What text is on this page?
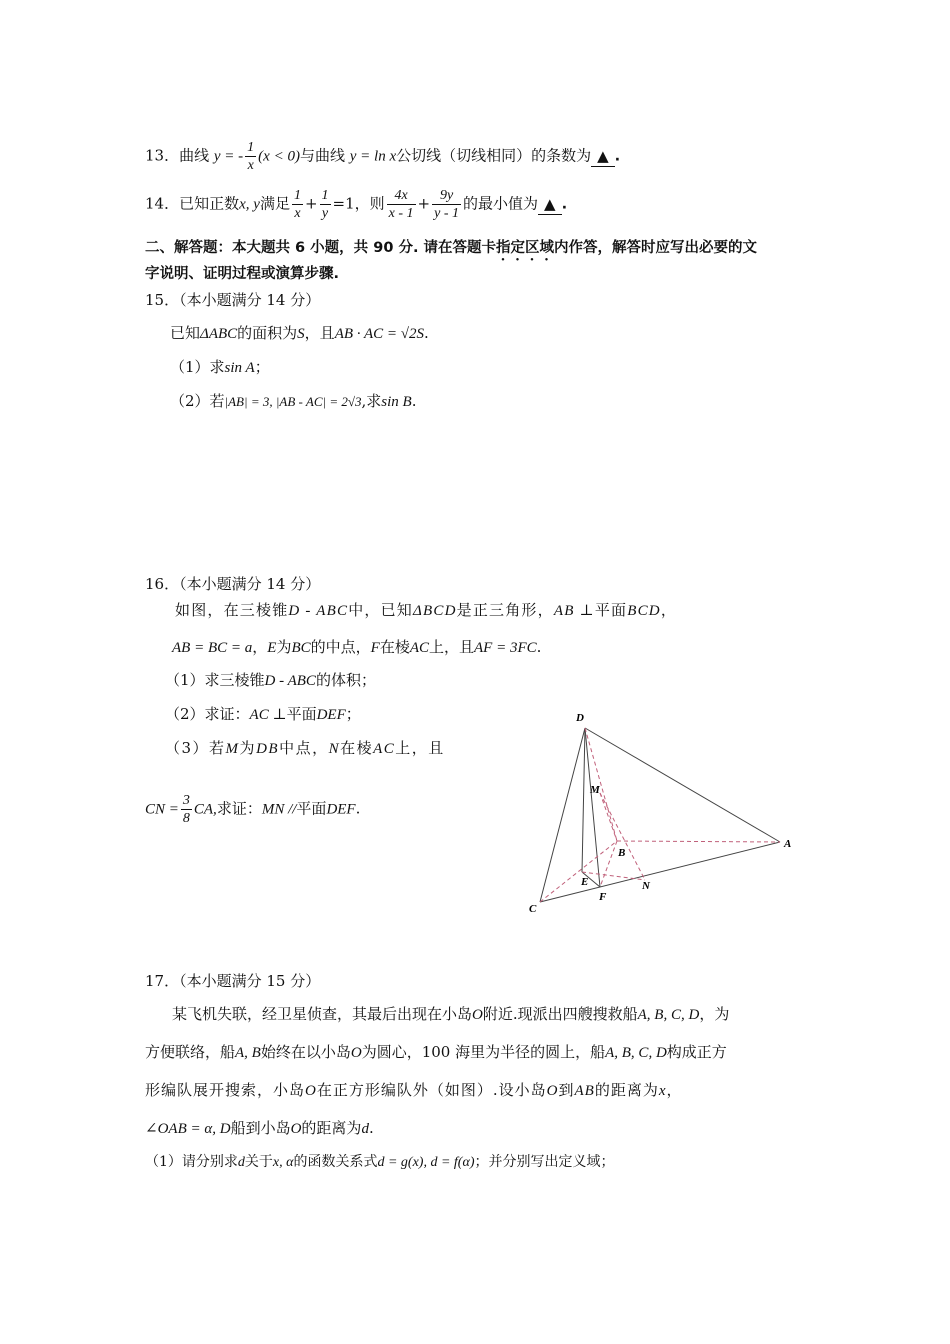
13．曲线 y = - $\frac{1}{x} (x < 0)$与曲线 y = ln x公切线（切线相同）的条数为 ▲ .
14．已知正数x, y满足 $\frac{1}{x} + \frac{1}{y} =1$，则 $\frac{4x}{x - 1} + \frac{9y}{y - 1}$ 的最小值为 ▲ .
二、解答题：本大题共 6 小题，共 90 分. 请在答题卡指定区域内作答，解答时应写出必要的文
字说明、证明过程或演算步骤.
15．（本小题满分 14 分）
已知ΔABC的面积为S，且AB · AC = √2S.
（1）求sin A；
（2）若|AB| = 3, |AB - AC| = 2√3,求sin B.
16．（本小题满分 14 分）
如图，在三棱锥D - ABC中，已知ΔBCD是正三角形，AB ⊥平面BCD，
AB = BC = a，E为BC的中点，F在棱AC上，且AF = 3FC.
（1）求三棱锥D - ABC的体积；
（2）求证：AC ⊥平面DEF；
（3）若M为DB中点，N在棱AC上，且
CN = $\frac{3}{8}$ CA,求证：MN //平面DEF.
D
M
B
A
E
F
N
C
17．（本小题满分 15 分）
某飞机失联，经卫星侦查，其最后出现在小岛O附近.现派出四艘搜救船A, B, C, D，为
方便联络，船A, B始终在以小岛O为圆心，100 海里为半径的圆上，船A, B, C, D构成正方
形编队展开搜索，小岛O在正方形编队外（如图）.设小岛O到AB的距离为x，
∠OAB = α, D船到小岛O的距离为d.
（1）请分别求d关于x, α的函数关系式d = g(x), d = f(α)；并分别写出定义域；
